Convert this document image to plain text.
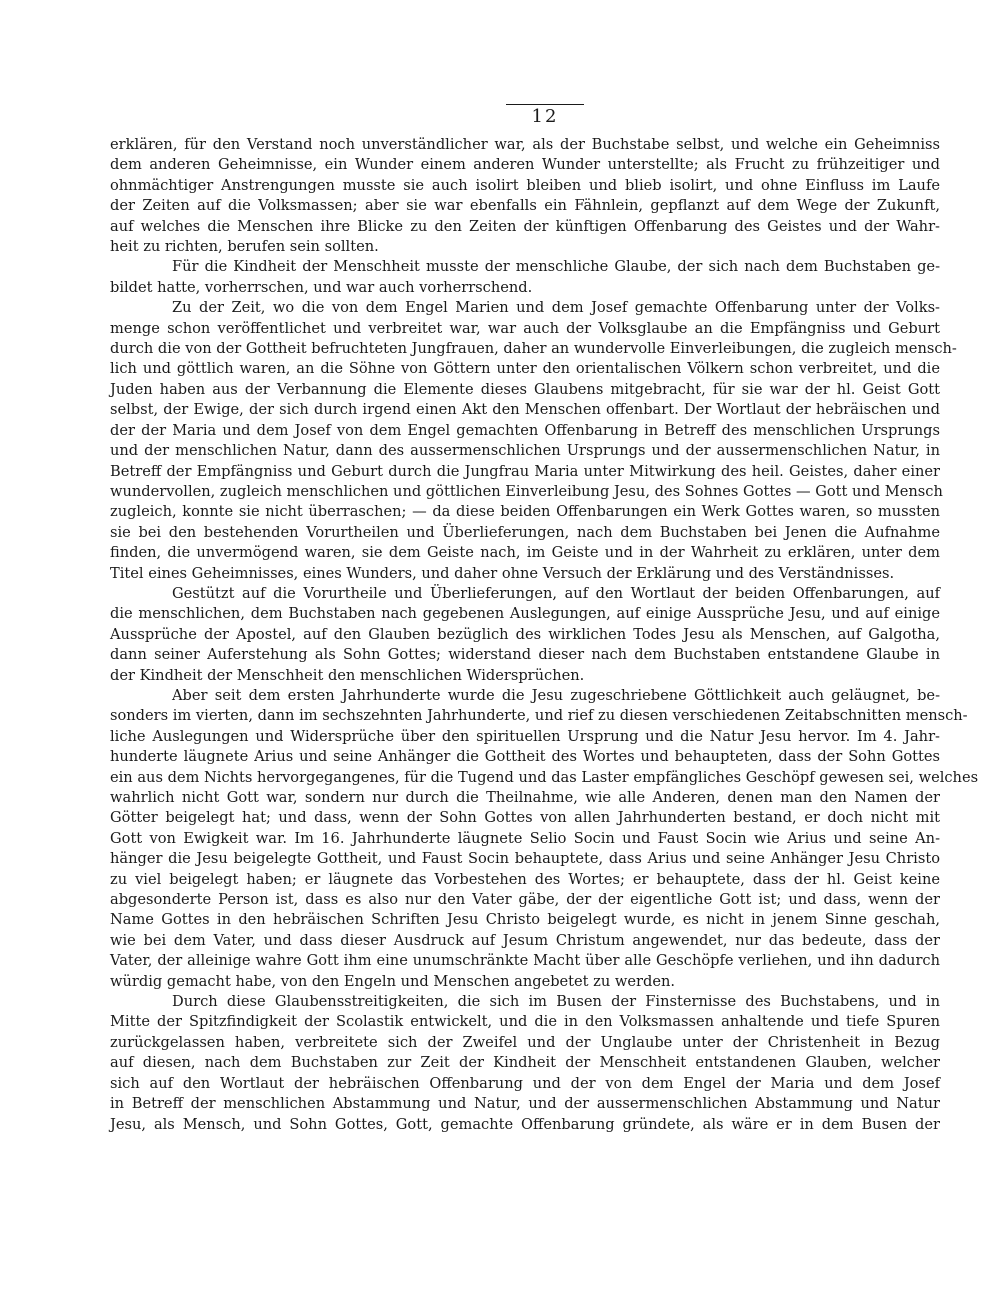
12
erklären, für den Verstand noch unverständlicher war, als der Buchstabe selbst, und welche ein Geheimniss
dem anderen Geheimnisse, ein Wunder einem anderen Wunder unterstellte; als Frucht zu frühzeitiger und
ohnmächtiger Anstrengungen musste sie auch isolirt bleiben und blieb isolirt, und ohne Einfluss im Laufe
der Zeiten auf die Volksmassen; aber sie war ebenfalls ein Fähnlein, gepflanzt auf dem Wege der Zukunft,
auf welches die Menschen ihre Blicke zu den Zeiten der künftigen Offenbarung des Geistes und der Wahr-
heit zu richten, berufen sein sollten.
Für die Kindheit der Menschheit musste der menschliche Glaube, der sich nach dem Buchstaben ge-
bildet hatte, vorherrschen, und war auch vorherrschend.
Zu der Zeit, wo die von dem Engel Marien und dem Josef gemachte Offenbarung unter der Volks-
menge schon veröffentlichet und verbreitet war, war auch der Volksglaube an die Empfängniss und Geburt
durch die von der Gottheit befruchteten Jungfrauen, daher an wundervolle Einverleibungen, die zugleich mensch-
lich und göttlich waren, an die Söhne von Göttern unter den orientalischen Völkern schon verbreitet, und die
Juden haben aus der Verbannung die Elemente dieses Glaubens mitgebracht, für sie war der hl. Geist Gott
selbst, der Ewige, der sich durch irgend einen Akt den Menschen offenbart. Der Wortlaut der hebräischen und
der der Maria und dem Josef von dem Engel gemachten Offenbarung in Betreff des menschlichen Ursprungs
und der menschlichen Natur, dann des aussermenschlichen Ursprungs und der aussermenschlichen Natur, in
Betreff der Empfängniss und Geburt durch die Jungfrau Maria unter Mitwirkung des heil. Geistes, daher einer
wundervollen, zugleich menschlichen und göttlichen Einverleibung Jesu, des Sohnes Gottes — Gott und Mensch
zugleich, konnte sie nicht überraschen; — da diese beiden Offenbarungen ein Werk Gottes waren, so mussten
sie bei den bestehenden Vorurtheilen und Überlieferungen, nach dem Buchstaben bei Jenen die Aufnahme
finden, die unvermögend waren, sie dem Geiste nach, im Geiste und in der Wahrheit zu erklären, unter dem
Titel eines Geheimnisses, eines Wunders, und daher ohne Versuch der Erklärung und des Verständnisses.
Gestützt auf die Vorurtheile und Überlieferungen, auf den Wortlaut der beiden Offenbarungen, auf
die menschlichen, dem Buchstaben nach gegebenen Auslegungen, auf einige Aussprüche Jesu, und auf einige
Aussprüche der Apostel, auf den Glauben bezüglich des wirklichen Todes Jesu als Menschen, auf Galgotha,
dann seiner Auferstehung als Sohn Gottes; widerstand dieser nach dem Buchstaben entstandene Glaube in
der Kindheit der Menschheit den menschlichen Widersprüchen.
Aber seit dem ersten Jahrhunderte wurde die Jesu zugeschriebene Göttlichkeit auch geläugnet, be-
sonders im vierten, dann im sechszehnten Jahrhunderte, und rief zu diesen verschiedenen Zeitabschnitten mensch-
liche Auslegungen und Widersprüche über den spirituellen Ursprung und die Natur Jesu hervor. Im 4. Jahr-
hunderte läugnete Arius und seine Anhänger die Gottheit des Wortes und behaupteten, dass der Sohn Gottes
ein aus dem Nichts hervorgegangenes, für die Tugend und das Laster empfängliches Geschöpf gewesen sei, welches
wahrlich nicht Gott war, sondern nur durch die Theilnahme, wie alle Anderen, denen man den Namen der
Götter beigelegt hat; und dass, wenn der Sohn Gottes von allen Jahrhunderten bestand, er doch nicht mit
Gott von Ewigkeit war. Im 16. Jahrhunderte läugnete Selio Socin und Faust Socin wie Arius und seine An-
hänger die Jesu beigelegte Gottheit, und Faust Socin behauptete, dass Arius und seine Anhänger Jesu Christo
zu viel beigelegt haben; er läugnete das Vorbestehen des Wortes; er behauptete, dass der hl. Geist keine
abgesonderte Person ist, dass es also nur den Vater gäbe, der der eigentliche Gott ist; und dass, wenn der
Name Gottes in den hebräischen Schriften Jesu Christo beigelegt wurde, es nicht in jenem Sinne geschah,
wie bei dem Vater, und dass dieser Ausdruck auf Jesum Christum angewendet, nur das bedeute, dass der
Vater, der alleinige wahre Gott ihm eine unumschränkte Macht über alle Geschöpfe verliehen, und ihn dadurch
würdig gemacht habe, von den Engeln und Menschen angebetet zu werden.
Durch diese Glaubensstreitigkeiten, die sich im Busen der Finsternisse des Buchstabens, und in
Mitte der Spitzfindigkeit der Scolastik entwickelt, und die in den Volksmassen anhaltende und tiefe Spuren
zurückgelassen haben, verbreitete sich der Zweifel und der Unglaube unter der Christenheit in Bezug
auf diesen, nach dem Buchstaben zur Zeit der Kindheit der Menschheit entstandenen Glauben, welcher
sich auf den Wortlaut der hebräischen Offenbarung und der von dem Engel der Maria und dem Josef
in Betreff der menschlichen Abstammung und Natur, und der aussermenschlichen Abstammung und Natur
Jesu, als Mensch, und Sohn Gottes, Gott, gemachte Offenbarung gründete, als wäre er in dem Busen der
